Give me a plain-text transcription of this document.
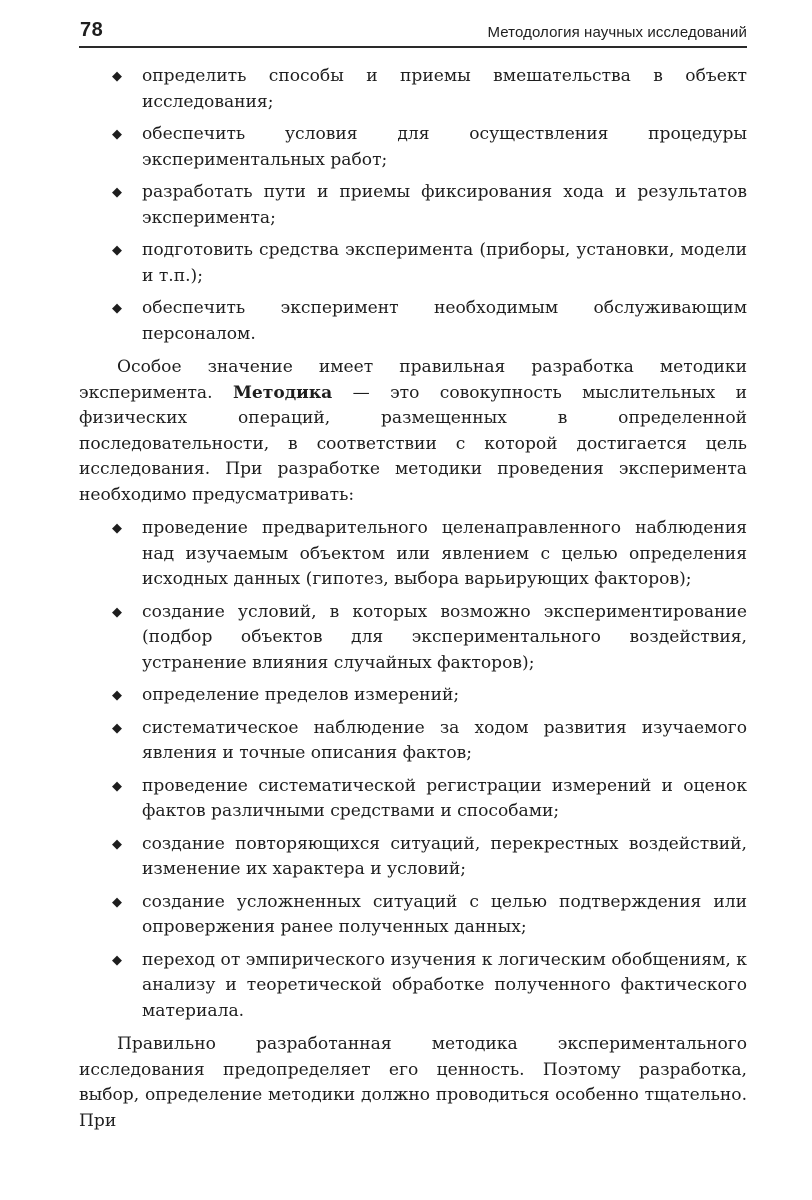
78	Методология научных исследований
◆ определить способы и приемы вмешательства в объект исследования;
◆ обеспечить условия для осуществления процедуры экспериментальных работ;
◆ разработать пути и приемы фиксирования хода и результатов эксперимента;
◆ подготовить средства эксперимента (приборы, установки, модели и т.п.);
◆ обеспечить эксперимент необходимым обслуживающим персоналом.

Особое значение имеет правильная разработка методики эксперимента. Методика — это совокупность мыслительных и физических операций, размещенных в определенной последовательности, в соответствии с которой достигается цель исследования. При разработке методики проведения эксперимента необходимо предусматривать:

◆ проведение предварительного целенаправленного наблюдения над изучаемым объектом или явлением с целью определения исходных данных (гипотез, выбора варьирующих факторов);
◆ создание условий, в которых возможно экспериментирование (подбор объектов для экспериментального воздействия, устранение влияния случайных факторов);
◆ определение пределов измерений;
◆ систематическое наблюдение за ходом развития изучаемого явления и точные описания фактов;
◆ проведение систематической регистрации измерений и оценок фактов различными средствами и способами;
◆ создание повторяющихся ситуаций, перекрестных воздействий, изменение их характера и условий;
◆ создание усложненных ситуаций с целью подтверждения или опровержения ранее полученных данных;
◆ переход от эмпирического изучения к логическим обобщениям, к анализу и теоретической обработке полученного фактического материала.

Правильно разработанная методика экспериментального исследования предопределяет его ценность. Поэтому разработка, выбор, определение методики должно проводиться особенно тщательно. При
